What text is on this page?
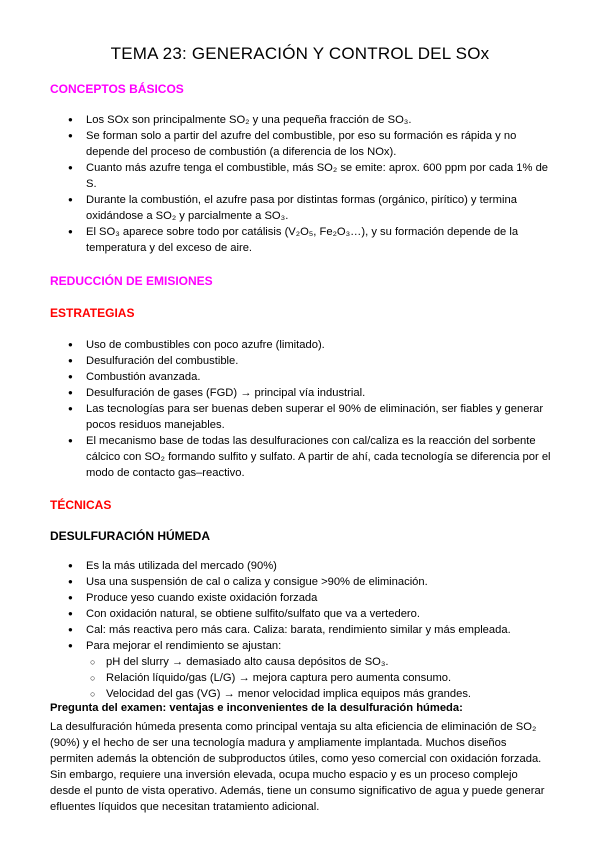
TEMA 23: GENERACIÓN Y CONTROL DEL SOx
CONCEPTOS BÁSICOS
● Los SOx son principalmente SO₂ y una pequeña fracción de SO₃.
● Se forman solo a partir del azufre del combustible, por eso su formación es rápida y no depende del proceso de combustión (a diferencia de los NOx).
● Cuanto más azufre tenga el combustible, más SO₂ se emite: aprox. 600 ppm por cada 1% de S.
● Durante la combustión, el azufre pasa por distintas formas (orgánico, pirítico) y termina oxidándose a SO₂ y parcialmente a SO₃.
● El SO₃ aparece sobre todo por catálisis (V₂O₅, Fe₂O₃…), y su formación depende de la temperatura y del exceso de aire.
REDUCCIÓN DE EMISIONES
ESTRATEGIAS
● Uso de combustibles con poco azufre (limitado).
● Desulfuración del combustible.
● Combustión avanzada.
● Desulfuración de gases (FGD) → principal vía industrial.
● Las tecnologías para ser buenas deben superar el 90% de eliminación, ser fiables y generar pocos residuos manejables.
● El mecanismo base de todas las desulfuraciones con cal/caliza es la reacción del sorbente cálcico con SO₂ formando sulfito y sulfato. A partir de ahí, cada tecnología se diferencia por el modo de contacto gas–reactivo.
TÉCNICAS
DESULFURACIÓN HÚMEDA
● Es la más utilizada del mercado (90%)
● Usa una suspensión de cal o caliza y consigue >90% de eliminación.
● Produce yeso cuando existe oxidación forzada
● Con oxidación natural, se obtiene sulfito/sulfato que va a vertedero.
● Cal: más reactiva pero más cara. Caliza: barata, rendimiento similar y más empleada.
● Para mejorar el rendimiento se ajustan:
○ pH del slurry → demasiado alto causa depósitos de SO₃.
○ Relación líquido/gas (L/G) → mejora captura pero aumenta consumo.
○ Velocidad del gas (VG) → menor velocidad implica equipos más grandes.
Pregunta del examen: ventajas e inconvenientes de la desulfuración húmeda:
La desulfuración húmeda presenta como principal ventaja su alta eficiencia de eliminación de SO₂ (90%) y el hecho de ser una tecnología madura y ampliamente implantada. Muchos diseños permiten además la obtención de subproductos útiles, como yeso comercial con oxidación forzada. Sin embargo, requiere una inversión elevada, ocupa mucho espacio y es un proceso complejo desde el punto de vista operativo. Además, tiene un consumo significativo de agua y puede generar efluentes líquidos que necesitan tratamiento adicional.
